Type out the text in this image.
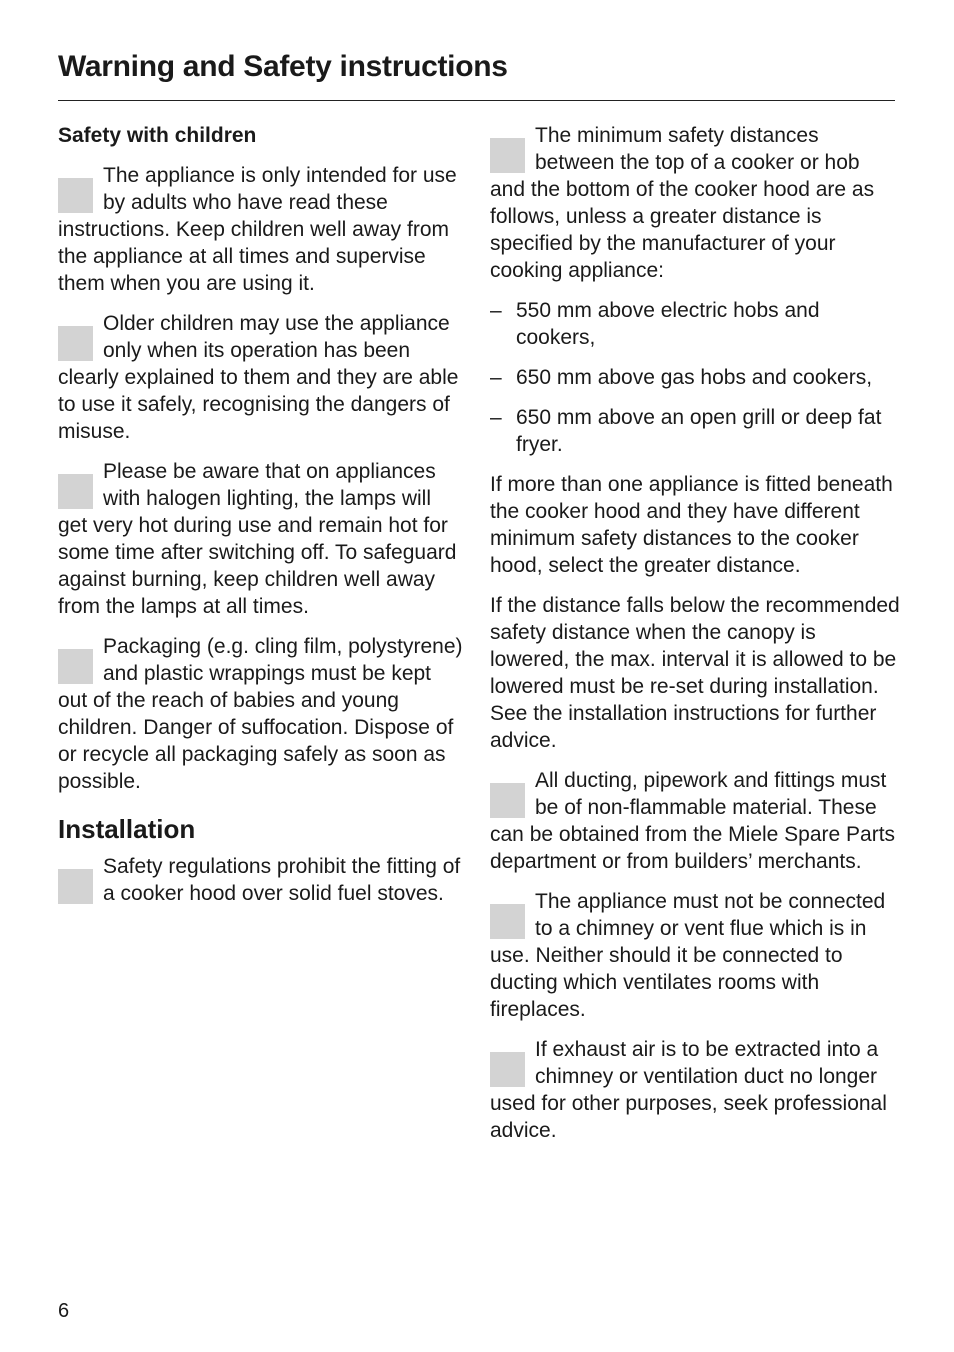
Warning and Safety instructions

Safety with children

The appliance is only intended for use by adults who have read these instructions. Keep children well away from the appliance at all times and supervise them when you are using it.
Older children may use the appliance only when its operation has been clearly explained to them and they are able to use it safely, recognising the dangers of misuse.
Please be aware that on appliances with halogen lighting, the lamps will get very hot during use and remain hot for some time after switching off. To safeguard against burning, keep children well away from the lamps at all times.
Packaging (e.g. cling film, polystyrene) and plastic wrappings must be kept out of the reach of babies and young children. Danger of suffocation. Dispose of or recycle all packaging safely as soon as possible.
Installation
Safety regulations prohibit the fitting of a cooker hood over solid fuel stoves.
The minimum safety distances between the top of a cooker or hob and the bottom of the cooker hood are as follows, unless a greater distance is specified by the manufacturer of your cooking appliance:
– 550 mm above electric hobs and cookers,
– 650 mm above gas hobs and cookers,
– 650 mm above an open grill or deep fat fryer.

If more than one appliance is fitted beneath the cooker hood and they have different minimum safety distances to the cooker hood, select the greater distance.

If the distance falls below the recommended safety distance when the canopy is lowered, the max. interval it is allowed to be lowered must be re-set during installation. See the installation instructions for further advice.

All ducting, pipework and fittings must be of non-flammable material. These can be obtained from the Miele Spare Parts department or from builders’ merchants.
The appliance must not be connected to a chimney or vent flue which is in use. Neither should it be connected to ducting which ventilates rooms with fireplaces.
If exhaust air is to be extracted into a chimney or ventilation duct no longer used for other purposes, seek professional advice.
6
